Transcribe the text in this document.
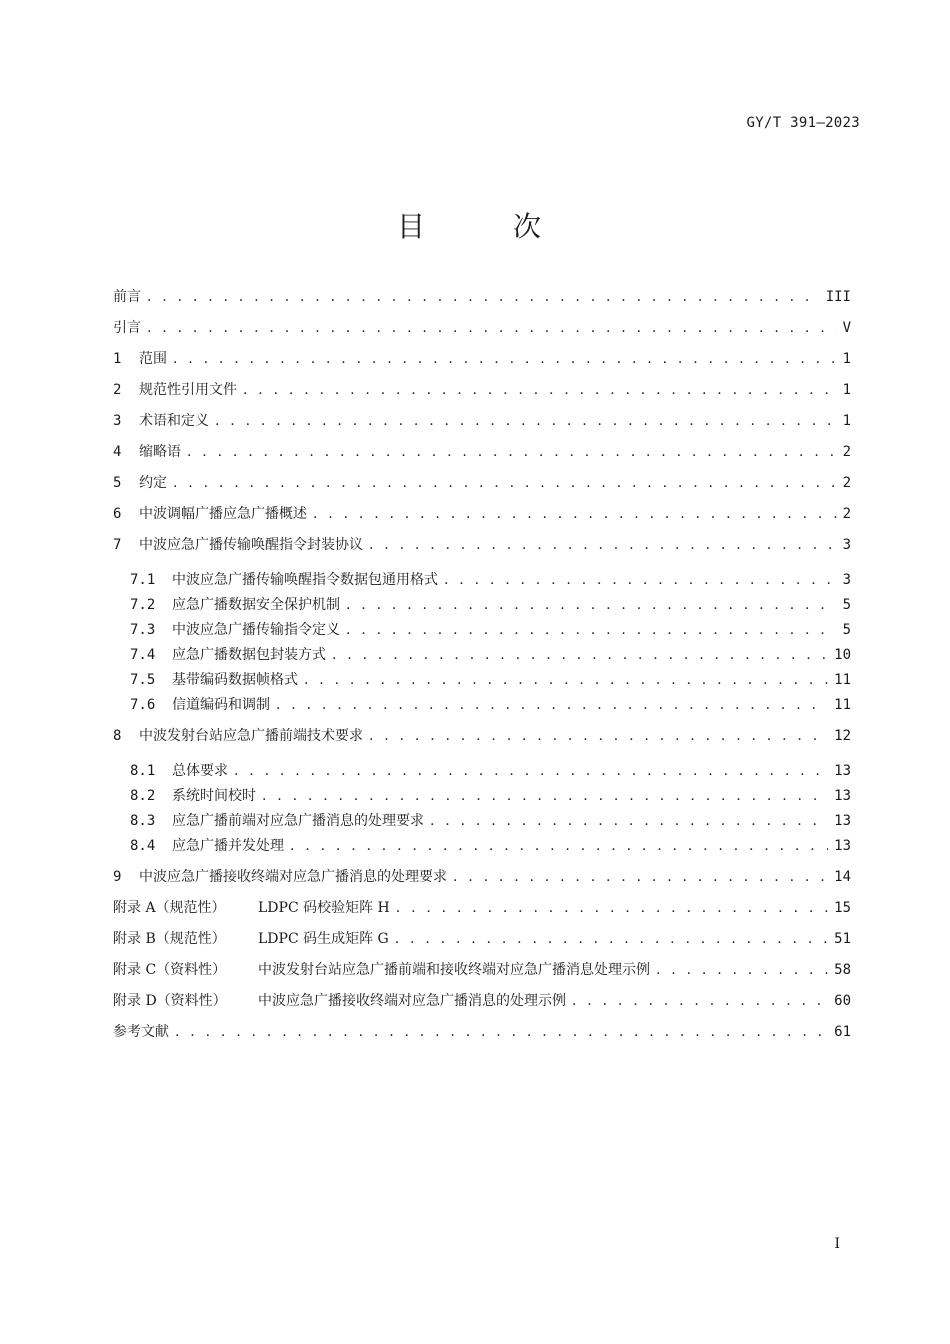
GY/T 391—2023
目　次
前言 . . .	III
引言 . . .	V
1	范围 . . .	1
2	规范性引用文件 . . .	1
3	术语和定义 . . .	1
4	缩略语 . . .	2
5	约定 . . .	2
6	中波调幅广播应急广播概述 . . .	2
7	中波应急广播传输唤醒指令封装协议 . . .	3
7.1	中波应急广播传输唤醒指令数据包通用格式 . . .	3
7.2	应急广播数据安全保护机制 . . .	5
7.3	中波应急广播传输指令定义 . . .	5
7.4	应急广播数据包封装方式 . . .	10
7.5	基带编码数据帧格式 . . .	11
7.6	信道编码和调制 . . .	11
8	中波发射台站应急广播前端技术要求 . . .	12
8.1	总体要求 . . .	13
8.2	系统时间校时 . . .	13
8.3	应急广播前端对应急广播消息的处理要求 . . .	13
8.4	应急广播并发处理 . . .	13
9	中波应急广播接收终端对应急广播消息的处理要求 . . .	14
附录 A（规范性）	LDPC 码校验矩阵 H . . .	15
附录 B（规范性）	LDPC 码生成矩阵 G . . .	51
附录 C（资料性）	中波发射台站应急广播前端和接收终端对应急广播消息处理示例 . . .	58
附录 D（资料性）	中波应急广播接收终端对应急广播消息的处理示例 . . .	60
参考文献 . . .	61
I
